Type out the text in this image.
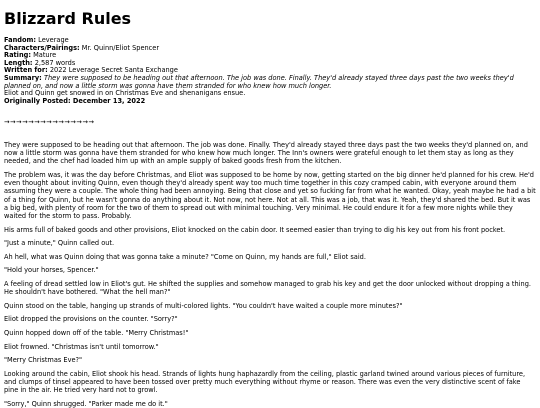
Blizzard Rules
Fandom: Leverage
Characters/Pairings: Mr. Quinn/Eliot Spencer
Rating: Mature
Length: 2,587 words
Written for: 2022 Leverage Secret Santa Exchange
Summary: They were supposed to be heading out that afternoon. The job was done. Finally. They'd already stayed three days past the two weeks they'd planned on, and now a little storm was gonna have them stranded for who knew how much longer.
Eliot and Quinn get snowed in on Christmas Eve and shenanigans ensue.
Originally Posted: December 13, 2022
→→→→→→→→→→→→→→→

They were supposed to be heading out that afternoon. The job was done. Finally. They'd already stayed three days past the two weeks they'd planned on, and now a little storm was gonna have them stranded for who knew how much longer. The Inn's owners were grateful enough to let them stay as long as they needed, and the chef had loaded him up with an ample supply of baked goods fresh from the kitchen.

The problem was, it was the day before Christmas, and Eliot was supposed to be home by now, getting started on the big dinner he'd planned for his crew. He'd even thought about inviting Quinn, even though they'd already spent way too much time together in this cozy cramped cabin, with everyone around them assuming they were a couple. The whole thing had been annoying. Being that close and yet so fucking far from what he wanted. Okay, yeah maybe he had a bit of a thing for Quinn, but he wasn't gonna do anything about it. Not now, not here. Not at all. This was a job, that was it. Yeah, they'd shared the bed. But it was a big bed, with plenty of room for the two of them to spread out with minimal touching. Very minimal. He could endure it for a few more nights while they waited for the storm to pass. Probably.

His arms full of baked goods and other provisions, Eliot knocked on the cabin door. It seemed easier than trying to dig his key out from his front pocket.

"Just a minute," Quinn called out.

Ah hell, what was Quinn doing that was gonna take a minute? "Come on Quinn, my hands are full," Eliot said.

"Hold your horses, Spencer."

A feeling of dread settled low in Eliot's gut. He shifted the supplies and somehow managed to grab his key and get the door unlocked without dropping a thing. He shouldn't have bothered. "What the hell man?"

Quinn stood on the table, hanging up strands of multi-colored lights. "You couldn't have waited a couple more minutes?"

Eliot dropped the provisions on the counter. "Sorry?"

Quinn hopped down off of the table. "Merry Christmas!"

Eliot frowned. "Christmas isn't until tomorrow."

"Merry Christmas Eve?"

Looking around the cabin, Eliot shook his head. Strands of lights hung haphazardly from the ceiling, plastic garland twined around various pieces of furniture, and clumps of tinsel appeared to have been tossed over pretty much everything without rhyme or reason. There was even the very distinctive scent of fake pine in the air. He tried very hard not to growl.

"Sorry," Quinn shrugged. "Parker made me do it."
